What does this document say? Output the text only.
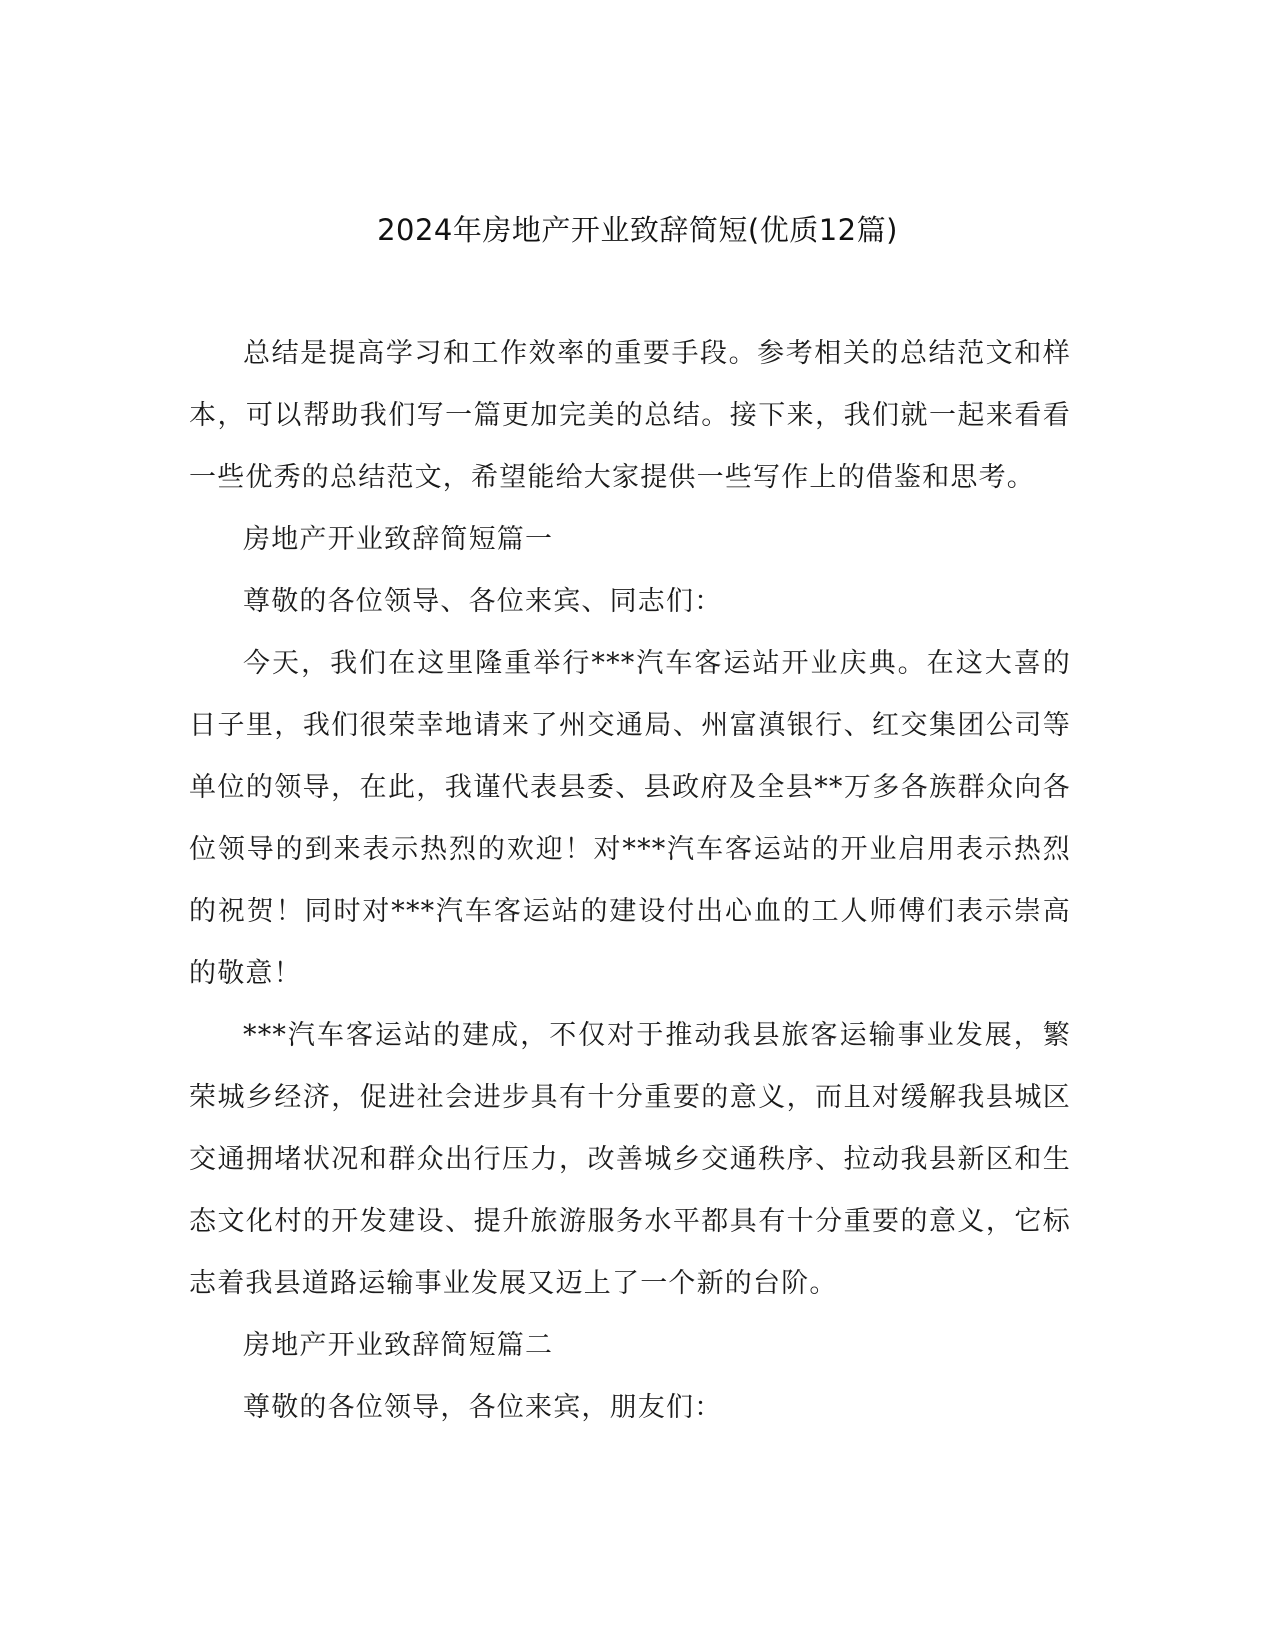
2024年房地产开业致辞简短(优质12篇)

总结是提高学习和工作效率的重要手段。参考相关的总结范文和样本，可以帮助我们写一篇更加完美的总结。接下来，我们就一起来看看一些优秀的总结范文，希望能给大家提供一些写作上的借鉴和思考。

房地产开业致辞简短篇一

尊敬的各位领导、各位来宾、同志们：

今天，我们在这里隆重举行***汽车客运站开业庆典。在这大喜的日子里，我们很荣幸地请来了州交通局、州富滇银行、红交集团公司等单位的领导，在此，我谨代表县委、县政府及全县**万多各族群众向各位领导的到来表示热烈的欢迎！对***汽车客运站的开业启用表示热烈的祝贺！同时对***汽车客运站的建设付出心血的工人师傅们表示崇高的敬意！

***汽车客运站的建成，不仅对于推动我县旅客运输事业发展，繁荣城乡经济，促进社会进步具有十分重要的意义，而且对缓解我县城区交通拥堵状况和群众出行压力，改善城乡交通秩序、拉动我县新区和生态文化村的开发建设、提升旅游服务水平都具有十分重要的意义，它标志着我县道路运输事业发展又迈上了一个新的台阶。

房地产开业致辞简短篇二

尊敬的各位领导，各位来宾，朋友们：
